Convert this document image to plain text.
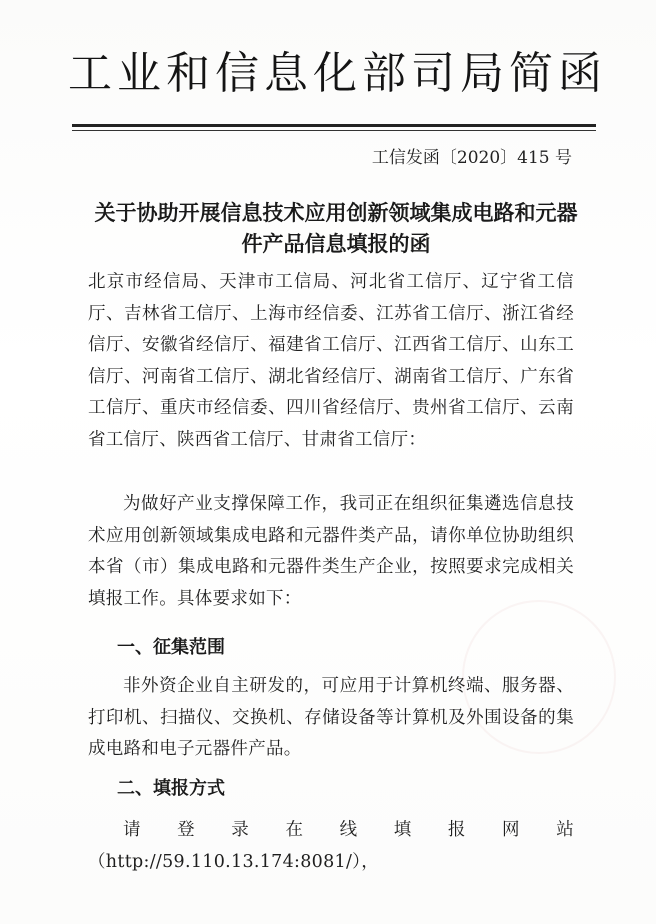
工业和信息化部司局简函
工信发函〔2020〕415 号
关于协助开展信息技术应用创新领域集成电路和元器件产品信息填报的函
北京市经信局、天津市工信局、河北省工信厅、辽宁省工信厅、吉林省工信厅、上海市经信委、江苏省工信厅、浙江省经信厅、安徽省经信厅、福建省工信厅、江西省工信厅、山东工信厅、河南省工信厅、湖北省经信厅、湖南省工信厅、广东省工信厅、重庆市经信委、四川省经信厅、贵州省工信厅、云南省工信厅、陕西省工信厅、甘肃省工信厅：
为做好产业支撑保障工作，我司正在组织征集遴选信息技术应用创新领域集成电路和元器件类产品，请你单位协助组织本省（市）集成电路和元器件类生产企业，按照要求完成相关填报工作。具体要求如下：
一、征集范围
非外资企业自主研发的，可应用于计算机终端、服务器、打印机、扫描仪、交换机、存储设备等计算机及外围设备的集成电路和电子元器件产品。
二、填报方式
请登录在线填报网站（http://59.110.13.174:8081/），
